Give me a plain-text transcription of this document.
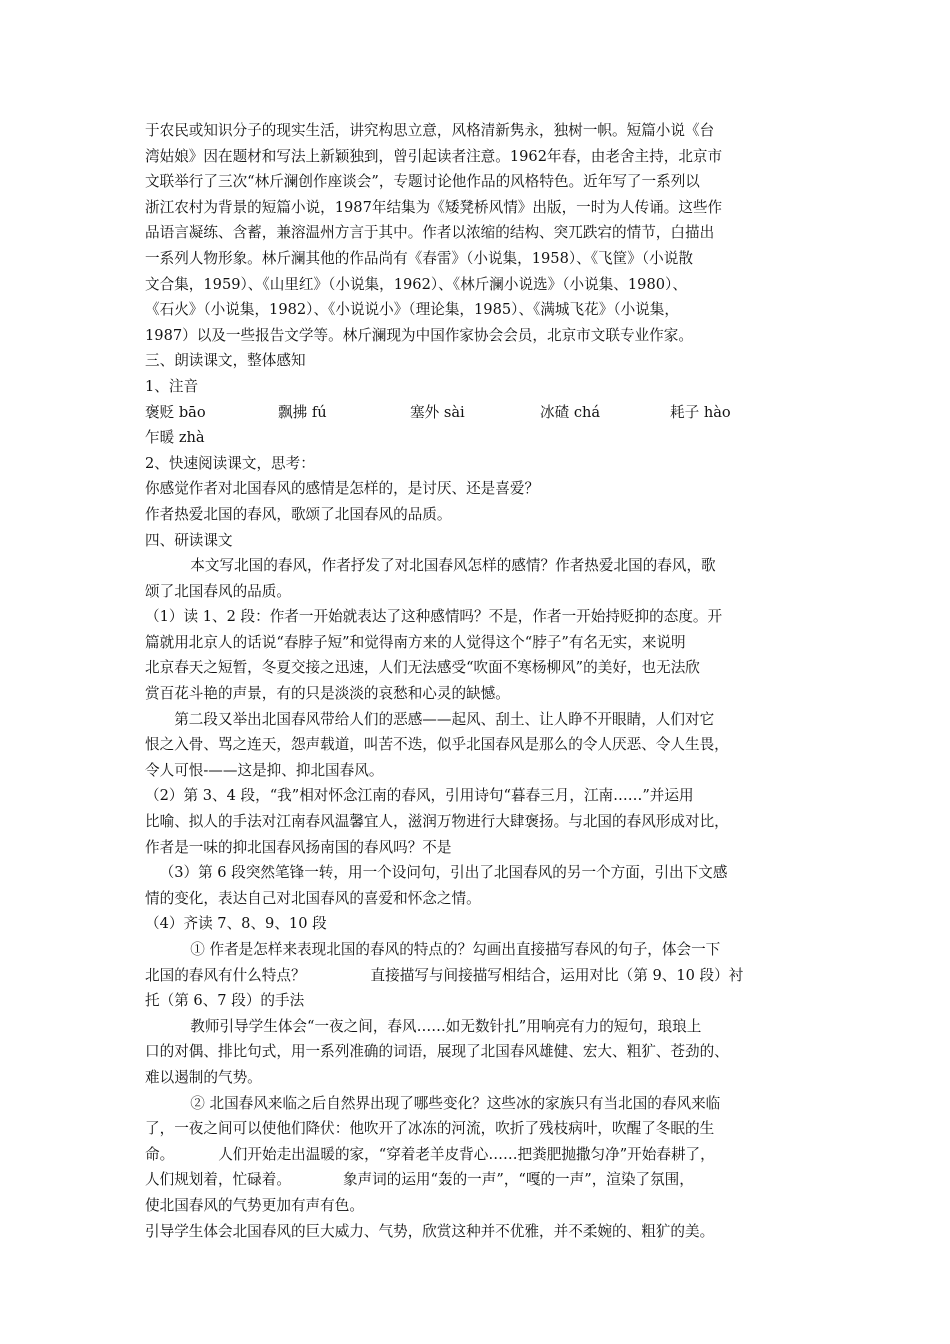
于农民或知识分子的现实生活，讲究构思立意，风格清新隽永，独树一帜。短篇小说《台

湾姑娘》因在题材和写法上新颖独到，曾引起读者注意。1962年春，由老舍主持，北京市

文联举行了三次“林斤澜创作座谈会”，专题讨论他作品的风格特色。近年写了一系列以

浙江农村为背景的短篇小说，1987年结集为《矮凳桥风情》出版，一时为人传诵。这些作

品语言凝练、含蓄，兼溶温州方言于其中。作者以浓缩的结构、突兀跌宕的情节，白描出

一系列人物形象。林斤澜其他的作品尚有《春雷》（小说集，1958）、《飞筐》（小说散

文合集，1959）、《山里红》（小说集，1962）、《林斤澜小说选》（小说集、1980）、

《石火》（小说集，1982）、《小说说小》（理论集，1985）、《满城飞花》（小说集，

1987）以及一些报告文学等。林斤澜现为中国作家协会会员，北京市文联专业作家。

三、朗读课文，整体感知

1、注音

褒贬 bāo	飘拂 fú	塞外 sài	冰碴 chá	耗子 hào

乍暖 zhà

2、快速阅读课文，思考：

你感觉作者对北国春风的感情是怎样的，是讨厌、还是喜爱？

作者热爱北国的春风，歌颂了北国春风的品质。

四、研读课文

本文写北国的春风，作者抒发了对北国春风怎样的感情？作者热爱北国的春风，歌

颂了北国春风的品质。

（1）读 1、2 段：作者一开始就表达了这种感情吗？不是，作者一开始持贬抑的态度。开

篇就用北京人的话说“春脖子短”和觉得南方来的人觉得这个“脖子”有名无实，来说明

北京春天之短暂，冬夏交接之迅速，人们无法感受“吹面不寒杨柳风”的美好，也无法欣

赏百花斗艳的声景，有的只是淡淡的哀愁和心灵的缺憾。

第二段又举出北国春风带给人们的恶感——起风、刮土、让人睁不开眼睛，人们对它

恨之入骨、骂之连天，怨声载道，叫苦不迭，似乎北国春风是那么的令人厌恶、令人生畏，

令人可恨-——这是抑、抑北国春风。

（2）第 3、4 段，“我”相对怀念江南的春风，引用诗句“暮春三月，江南……”并运用

比喻、拟人的手法对江南春风温馨宜人，滋润万物进行大肆褒扬。与北国的春风形成对比，

作者是一味的抑北国春风扬南国的春风吗？不是

（3）第 6 段突然笔锋一转，用一个设问句，引出了北国春风的另一个方面，引出下文感

情的变化，表达自己对北国春风的喜爱和怀念之情。

（4）齐读 7、8、9、10 段

① 作者是怎样来表现北国的春风的特点的？勾画出直接描写春风的句子，体会一下

北国的春风有什么特点？	直接描写与间接描写相结合，运用对比（第 9、10 段）衬

托（第 6、7 段）的手法

教师引导学生体会“一夜之间，春风……如无数针扎”用响亮有力的短句，琅琅上

口的对偶、排比句式，用一系列准确的词语，展现了北国春风雄健、宏大、粗犷、苍劲的、

难以遏制的气势。

② 北国春风来临之后自然界出现了哪些变化？这些冰的家族只有当北国的春风来临

了，一夜之间可以使他们降伏：他吹开了冰冻的河流，吹折了残枝病叶，吹醒了冬眠的生

命。	人们开始走出温暖的家，“穿着老羊皮背心……把粪肥抛撒匀净”开始春耕了，

人们规划着，忙碌着。	象声词的运用“轰的一声”，“嘎的一声”，渲染了氛围，

使北国春风的气势更加有声有色。

引导学生体会北国春风的巨大威力、气势，欣赏这种并不优雅，并不柔婉的、粗犷的美。
